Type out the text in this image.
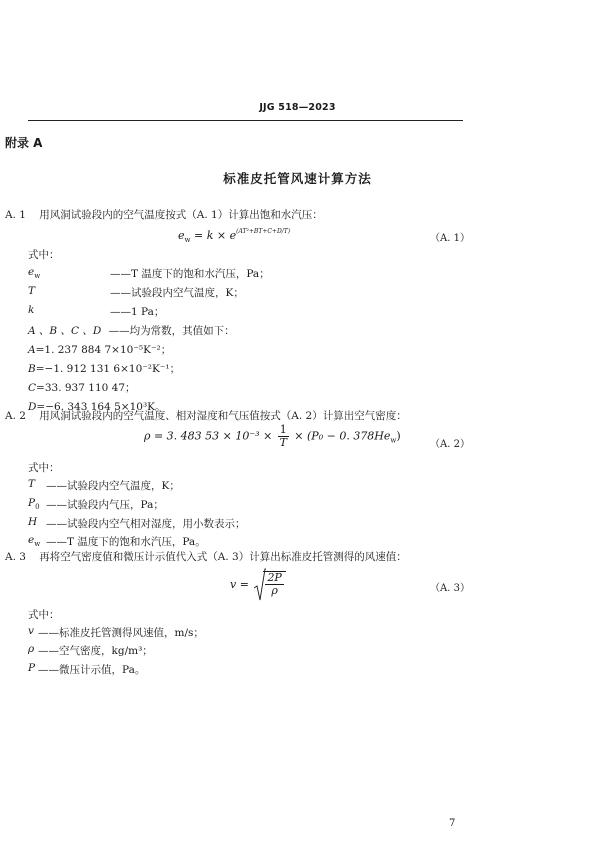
JJG 518—2023
附录 A
标准皮托管风速计算方法
A. 1 用风洞试验段内的空气温度按式（A. 1）计算出饱和水汽压：
$e_w = k \times e^{(AT^2+BT+C+D/T)}$
（A. 1）
式中：
$e_w$	——T 温度下的饱和水汽压，Pa；
T	——试验段内空气温度，K；
k	——1 Pa；
A 、B 、C 、D ——均为常数，其值如下：
A=1. 237 884 7×10⁻⁵K⁻²；
B=−1. 912 131 6×10⁻²K⁻¹；
C=33. 937 110 47；
D=−6. 343 164 5×10³K。
A. 2 用风洞试验段内的空气温度、相对湿度和气压值按式（A. 2）计算出空气密度：
ρ = 3. 483 $53 \times 10^{-3} \times \frac{1}{T} \times (P_0 - 0$. $378He_w$)
（A. 2）
式中：
T ——试验段内空气温度，K；
$P_0$ ——试验段内气压，Pa；
H ——试验段内空气相对湿度，用小数表示；
$e_w$ ——T 温度下的饱和水汽压，Pa。
A. 3 再将空气密度值和微压计示值代入式（A. 3）计算出标准皮托管测得的风速值：
$v = \frac{2P}{\rho}$	（A. 3）
式中：
v ——标准皮托管测得风速值，m/s；
ρ ——空气密度，kg/m³；
P ——微压计示值，Pa。
7
